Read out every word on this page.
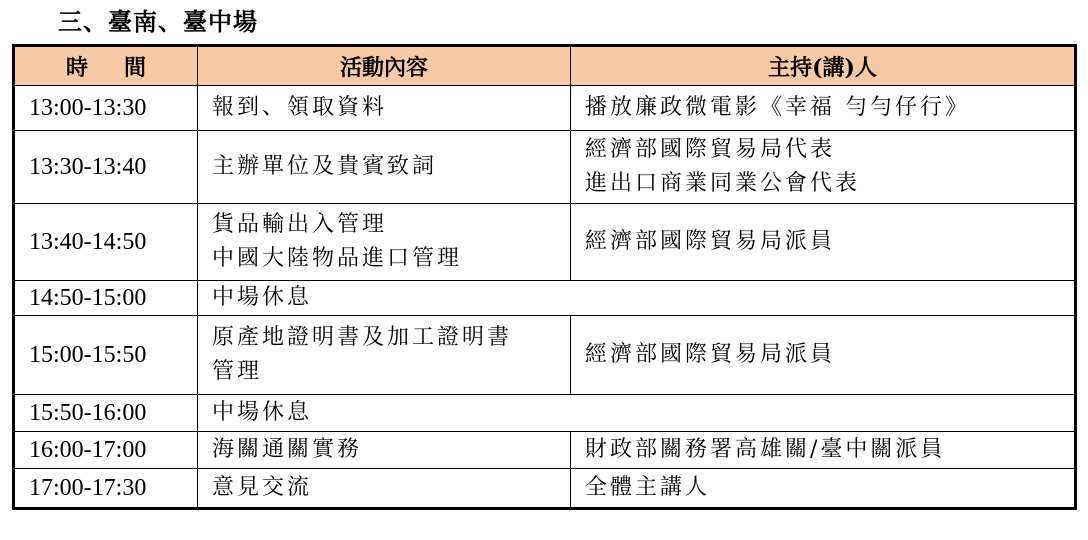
三、臺南、臺中場
時 間	活動內容	主持(講)人
13:00-13:30	報到、領取資料	播放廉政微電影《幸福 勻勻仔行》

13:30-13:40	主辦單位及貴賓致詞	經濟部國際貿易局代表
進出口商業同業公會代表

13:40-14:50	貨品輸出入管理
中國大陸物品進口管理	經濟部國際貿易局派員

14:50-15:00	中場休息	

15:00-15:50	原產地證明書及加工證明書
管理	經濟部國際貿易局派員

15:50-16:00	中場休息	

16:00-17:00	海關通關實務	財政部關務署高雄關/臺中關派員

17:00-17:30	意見交流	全體主講人
